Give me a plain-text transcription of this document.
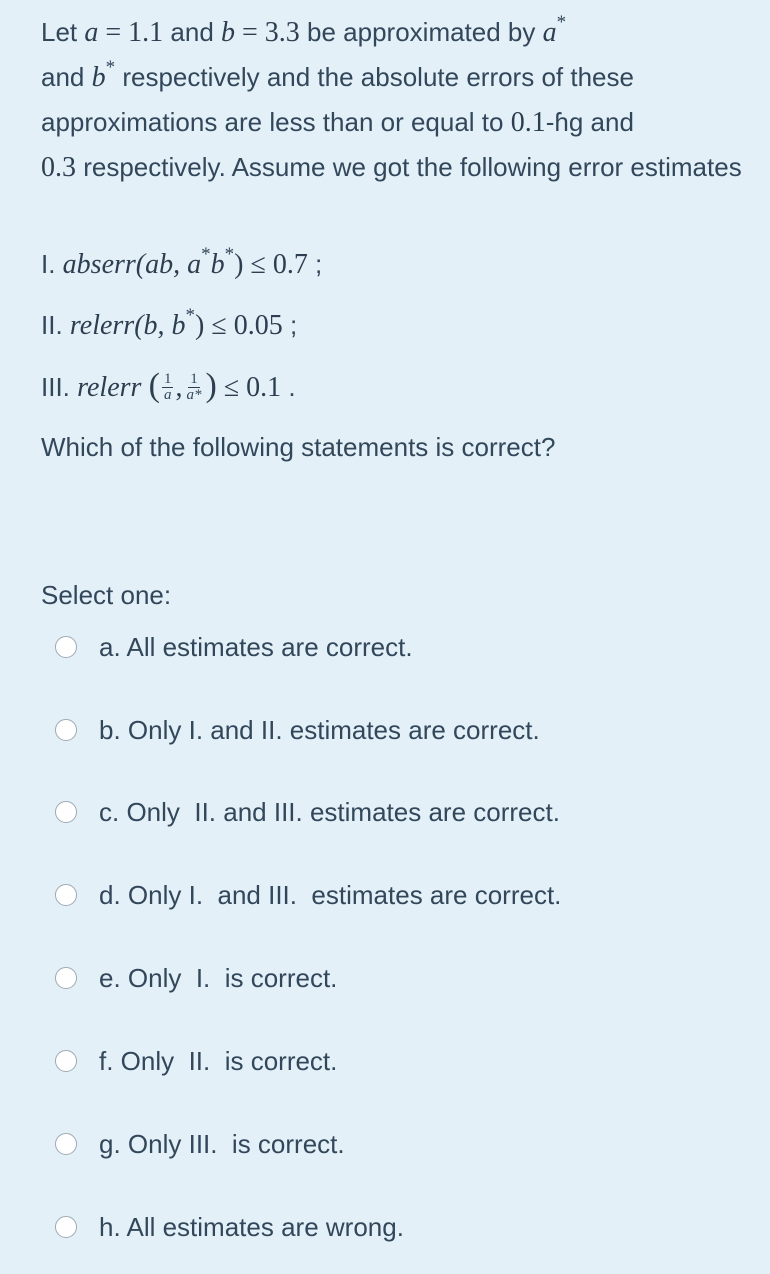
Let a = 1.1 and b = 3.3 be approximated by a*
and b* respectively and the absolute errors of these approximations are less than or equal to 0.1-ɦg and
0.3 respectively. Assume we got the following error estimates
I. abserr(ab, a*b*) ≤ 0.7 ;
II. relerr(b, b*) ≤ 0.05 ;
III. relerr ( $\frac{1}{a}$ , $\frac{1}{a*}$ ) ≤ 0.1 .
Which of the following statements is correct?
Select one:
a. All estimates are correct.
b. Only I. and II. estimates are correct.
c. Only  II. and III. estimates are correct.
d. Only I.  and III.  estimates are correct.
e. Only  I.  is correct.
f. Only  II.  is correct.
g. Only III.  is correct.
h. All estimates are wrong.
